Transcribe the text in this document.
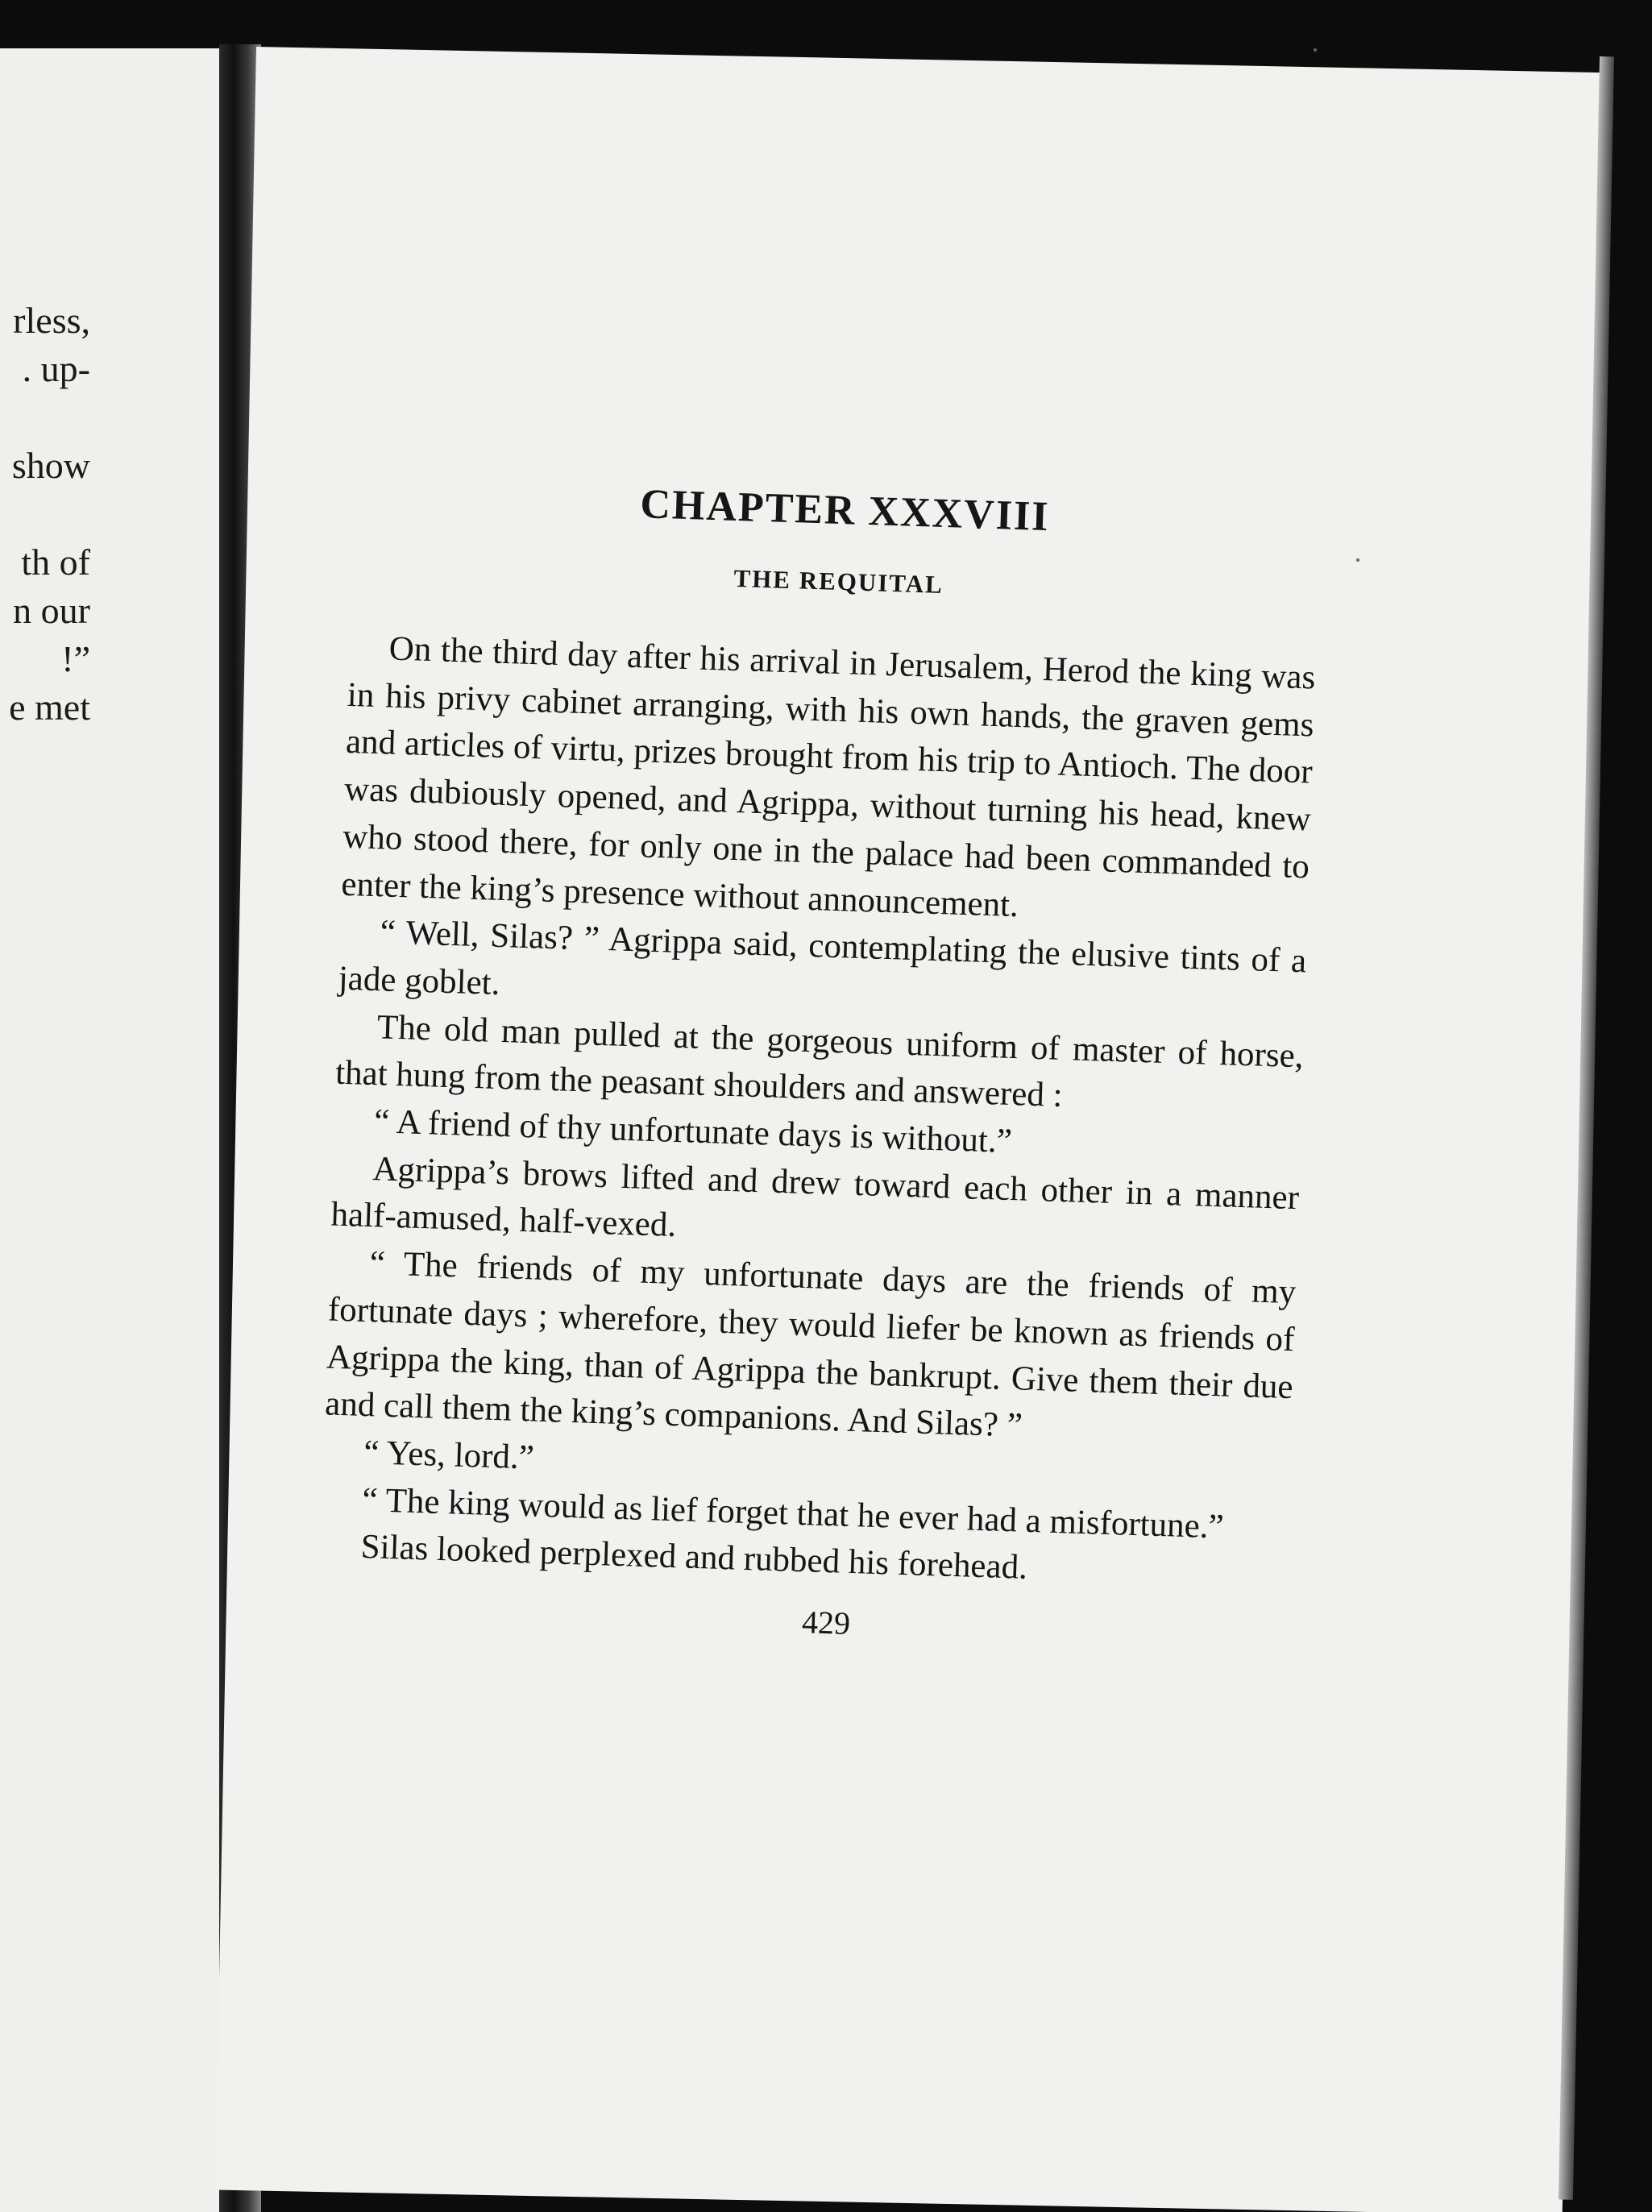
rless,
. up-
show
th of
n our
!”
e met
CHAPTER XXXVIII
THE REQUITAL

On the third day after his arrival in Jerusalem, Herod the king was in his privy cabinet arranging, with his own hands, the graven gems and articles of virtu, prizes brought from his trip to Antioch. The door was dubiously opened, and Agrippa, without turning his head, knew who stood there, for only one in the palace had been commanded to enter the king’s presence without announcement.

“ Well, Silas? ” Agrippa said, contemplating the elusive tints of a jade goblet.

The old man pulled at the gorgeous uniform of master of horse, that hung from the peasant shoulders and answered :

“ A friend of thy unfortunate days is without.”

Agrippa’s brows lifted and drew toward each other in a manner half-amused, half-vexed.

“ The friends of my unfortunate days are the friends of my fortunate days ; wherefore, they would liefer be known as friends of Agrippa the king, than of Agrippa the bankrupt. Give them their due and call them the king’s companions. And Silas? ”

“ Yes, lord.”

“ The king would as lief forget that he ever had a misfortune.”

Silas looked perplexed and rubbed his forehead.

429
